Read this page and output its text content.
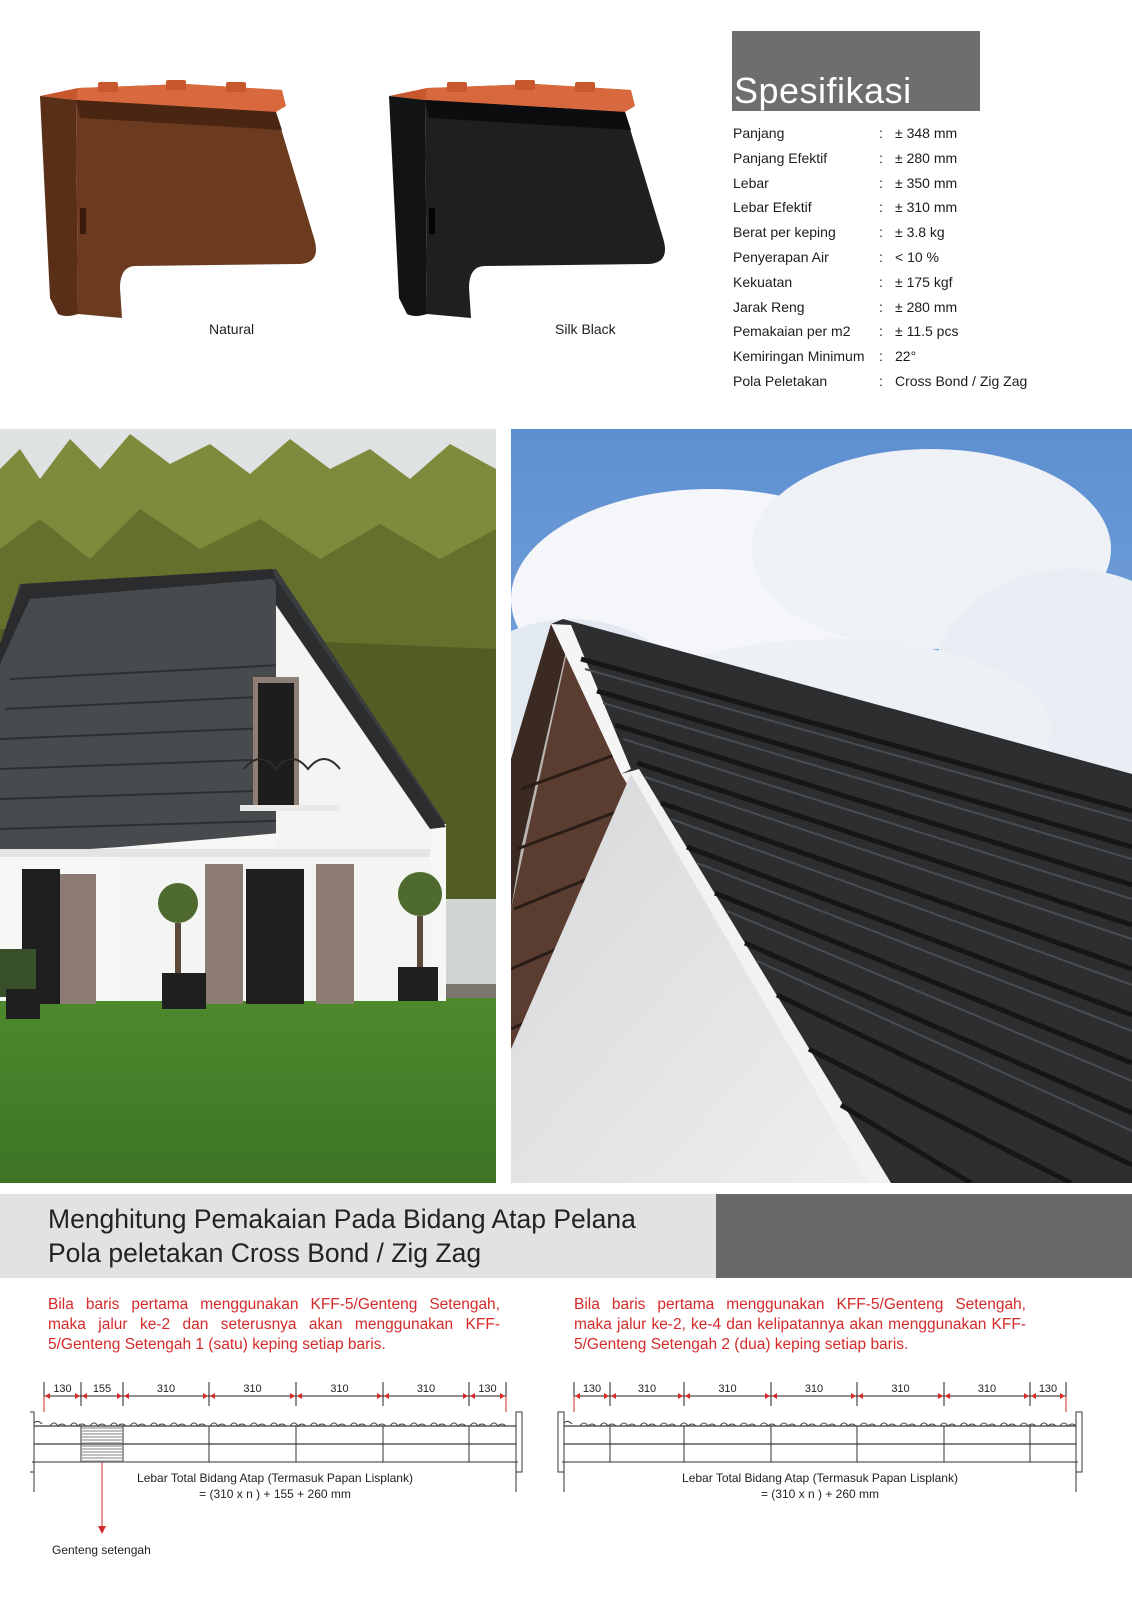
Natural	Silk Black
Spesifikasi
Panjang	: ± 348 mm
Panjang Efektif	: ± 280 mm
Lebar	: ± 350 mm
Lebar Efektif	: ± 310 mm
Berat per keping	: ± 3.8 kg
Penyerapan Air	: < 10 %
Kekuatan	: ± 175 kgf
Jarak Reng	: ± 280 mm
Pemakaian per m2 : ± 11.5 pcs
Kemiringan Minimum : 22°
Pola Peletakan	: Cross Bond / Zig Zag
Menghitung Pemakaian Pada Bidang Atap Pelana
Pola peletakan Cross Bond / Zig Zag
Bila baris pertama menggunakan KFF-5/Genteng Setengah, maka jalur ke-2 dan seterusnya akan menggunakan KFF-5/Genteng Setengah 1 (satu) keping setiap baris.
Bila baris pertama menggunakan KFF-5/Genteng Setengah, maka jalur ke-2, ke-4 dan kelipatannya akan menggunakan KFF-5/Genteng Setengah 2 (dua) keping setiap baris.
130 155	310	310	310	310	130
Genteng setengah
Lebar Total Bidang Atap (Termasuk Papan Lisplank)
= (310 x n ) + 155 + 260 mm
130	310	310	310	310	310	130
Lebar Total Bidang Atap (Termasuk Papan Lisplank)
= (310 x n ) + 260 mm
